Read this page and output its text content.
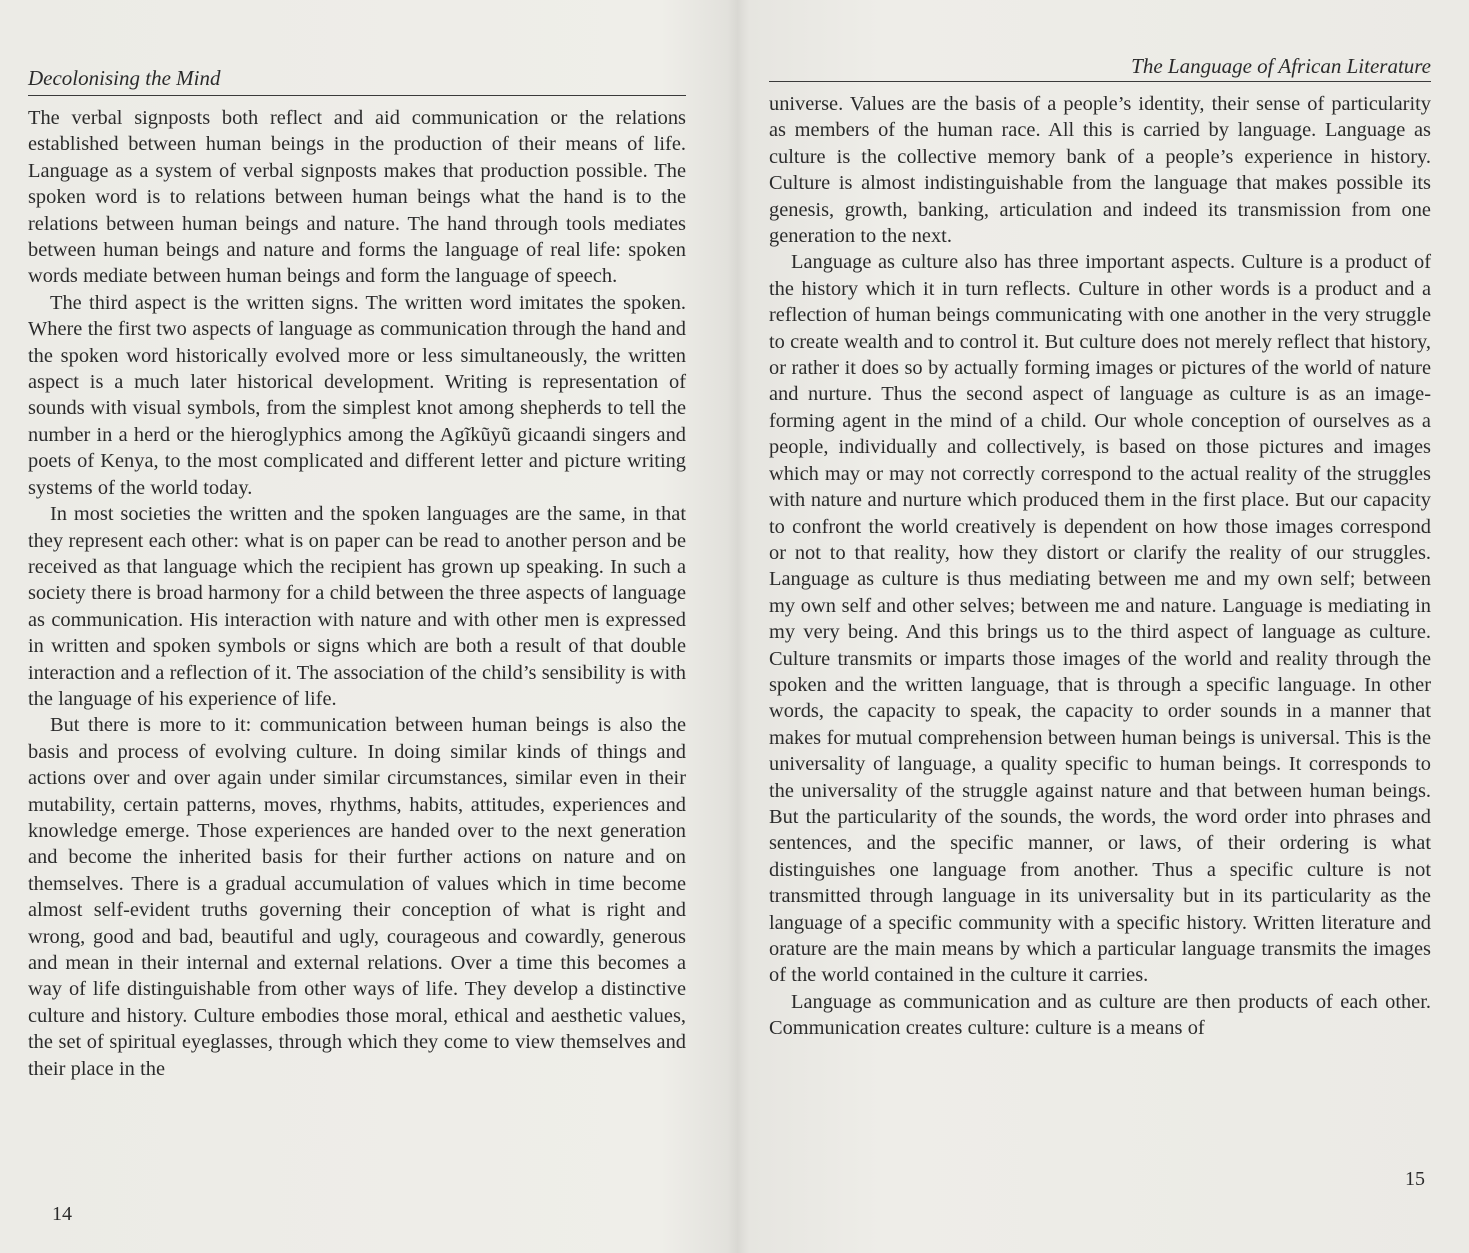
Decolonising the Mind

The verbal signposts both reflect and aid communication or the relations established between human beings in the production of their means of life. Language as a system of verbal signposts makes that production possible. The spoken word is to relations between human beings what the hand is to the relations between human beings and nature. The hand through tools mediates between human beings and nature and forms the language of real life: spoken words mediate between human beings and form the language of speech.

The third aspect is the written signs. The written word imitates the spoken. Where the first two aspects of language as communication through the hand and the spoken word historically evolved more or less simultaneously, the written aspect is a much later historical development. Writing is representation of sounds with visual symbols, from the simplest knot among shepherds to tell the number in a herd or the hieroglyphics among the Agĩkũyũ gicaandi singers and poets of Kenya, to the most complicated and different letter and picture writing systems of the world today.

In most societies the written and the spoken languages are the same, in that they represent each other: what is on paper can be read to another person and be received as that language which the recipient has grown up speaking. In such a society there is broad harmony for a child between the three aspects of language as communication. His interaction with nature and with other men is expressed in written and spoken symbols or signs which are both a result of that double interaction and a reflection of it. The association of the child’s sensibility is with the language of his experience of life.

But there is more to it: communication between human beings is also the basis and process of evolving culture. In doing similar kinds of things and actions over and over again under similar circumstances, similar even in their mutability, certain patterns, moves, rhythms, habits, attitudes, experiences and knowledge emerge. Those experiences are handed over to the next generation and become the inherited basis for their further actions on nature and on themselves. There is a gradual accumulation of values which in time become almost self-evident truths governing their conception of what is right and wrong, good and bad, beautiful and ugly, courageous and cowardly, generous and mean in their internal and external relations. Over a time this becomes a way of life distinguishable from other ways of life. They develop a distinctive culture and history. Culture embodies those moral, ethical and aesthetic values, the set of spiritual eyeglasses, through which they come to view themselves and their place in the

14
The Language of African Literature

universe. Values are the basis of a people’s identity, their sense of particularity as members of the human race. All this is carried by language. Language as culture is the collective memory bank of a people’s experience in history. Culture is almost indistinguishable from the language that makes possible its genesis, growth, banking, articulation and indeed its transmission from one generation to the next.

Language as culture also has three important aspects. Culture is a product of the history which it in turn reflects. Culture in other words is a product and a reflection of human beings communicating with one another in the very struggle to create wealth and to control it. But culture does not merely reflect that history, or rather it does so by actually forming images or pictures of the world of nature and nurture. Thus the second aspect of language as culture is as an image-forming agent in the mind of a child. Our whole conception of ourselves as a people, individually and collectively, is based on those pictures and images which may or may not correctly correspond to the actual reality of the struggles with nature and nurture which produced them in the first place. But our capacity to confront the world creatively is dependent on how those images correspond or not to that reality, how they distort or clarify the reality of our struggles. Language as culture is thus mediating between me and my own self; between my own self and other selves; between me and nature. Language is mediating in my very being. And this brings us to the third aspect of language as culture. Culture transmits or imparts those images of the world and reality through the spoken and the written language, that is through a specific language. In other words, the capacity to speak, the capacity to order sounds in a manner that makes for mutual comprehension between human beings is universal. This is the universality of language, a quality specific to human beings. It corresponds to the universality of the struggle against nature and that between human beings. But the particularity of the sounds, the words, the word order into phrases and sentences, and the specific manner, or laws, of their ordering is what distinguishes one language from another. Thus a specific culture is not transmitted through language in its universality but in its particularity as the language of a specific community with a specific history. Written literature and orature are the main means by which a particular language transmits the images of the world contained in the culture it carries.

Language as communication and as culture are then products of each other. Communication creates culture: culture is a means of

15
